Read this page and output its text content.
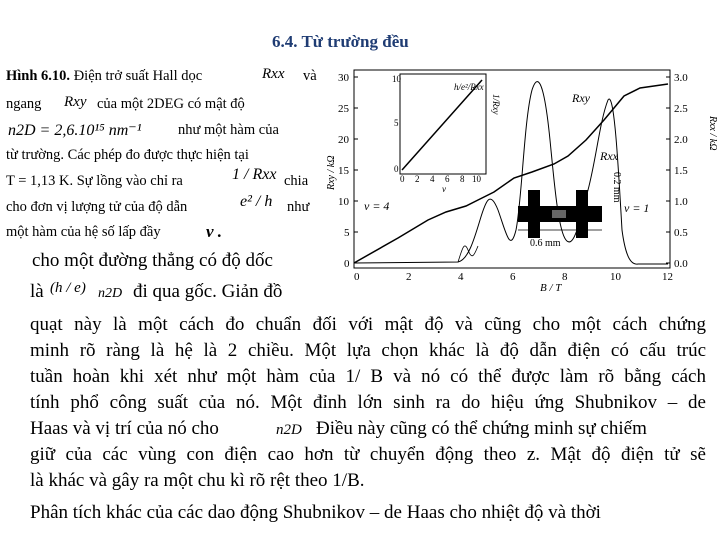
6.4. Từ trường đều
Hình 6.10. Điện trở suất Hall dọc	Rxx và
ngang Rxy của một 2DEG có mật độ
n2D = 2,6.10¹⁵ nm⁻¹	như một hàm của
từ trường. Các phép đo được thực hiện tại
T = 1,13 K. Sự lồng vào chỉ ra	1 / Rxx chia
cho đơn vị lượng tử của độ dẫn	e² / h như
một hàm của hệ số lấp đầy	ν .
cho một đường thẳng có độ dốc
là (h / e) n2D đi qua gốc. Giản đồ
quạt này là một cách đo chuẩn đối với mật độ và cũng cho một cách chứng
minh rõ ràng là hệ là 2 chiều. Một lựa chọn khác là độ dẫn điện có cấu trúc
tuần hoàn khi xét như một hàm của 1/ B và nó có thể được làm rõ bằng cách
tính phổ công suất của nó. Một đỉnh lớn sinh ra do hiệu ứng Shubnikov – de
Haas và vị trí của nó cho	n2D Điều này cũng có thể chứng minh sự chiếm
giữ của các vùng con điện cao hơn từ chuyển động theo z. Mật độ điện tử sẽ
là khác và gây ra một chu kì rõ rệt theo 1/B.
Phân tích khác của các dao động Shubnikov – de Haas cho nhiệt độ và thời
30
25
20
15
10
5
0
3.0
2.5
2.0
1.5
1.0
0.5
0.0
0	2	4	6	8	10	12
B / T
Rxy / kΩ
Rxx / kΩ
10
5
0
0 2 4 6 8 10
ν
h/e²/Rxx
1/Rxy
0.6 mm
0.2 mm
Rxy
Rxx
ν = 4	ν = 1
